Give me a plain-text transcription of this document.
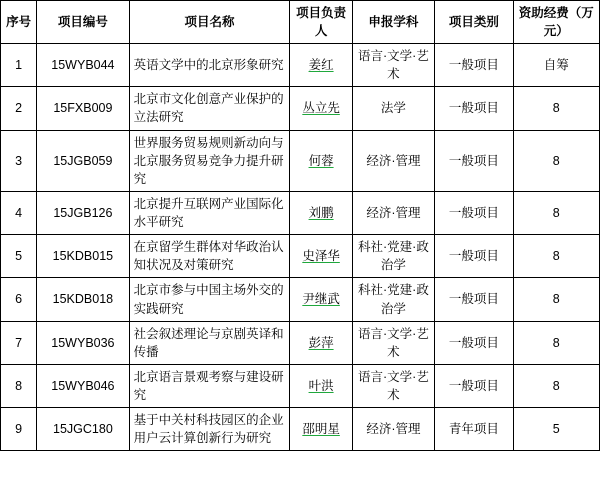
序号	项目编号	项目名称	项目负责人	申报学科	项目类别	资助经费（万元）
1	15WYB044	英语文学中的北京形象研究	姜红	语言·文学·艺术	一般项目	自筹
2	15FXB009	北京市文化创意产业保护的立法研究	丛立先	法学	一般项目	8
3	15JGB059	世界服务贸易规则新动向与北京服务贸易竞争力提升研究	何蓉	经济·管理	一般项目	8
4	15JGB126	北京提升互联网产业国际化水平研究	刘鹏	经济·管理	一般项目	8
5	15KDB015	在京留学生群体对华政治认知状况及对策研究	史泽华	科社·党建·政治学	一般项目	8
6	15KDB018	北京市参与中国主场外交的实践研究	尹继武	科社·党建·政治学	一般项目	8
7	15WYB036	社会叙述理论与京剧英译和传播	彭萍	语言·文学·艺术	一般项目	8
8	15WYB046	北京语言景观考察与建设研究	叶洪	语言·文学·艺术	一般项目	8
9	15JGC180	基于中关村科技园区的企业用户云计算创新行为研究	邵明星	经济·管理	青年项目	5
